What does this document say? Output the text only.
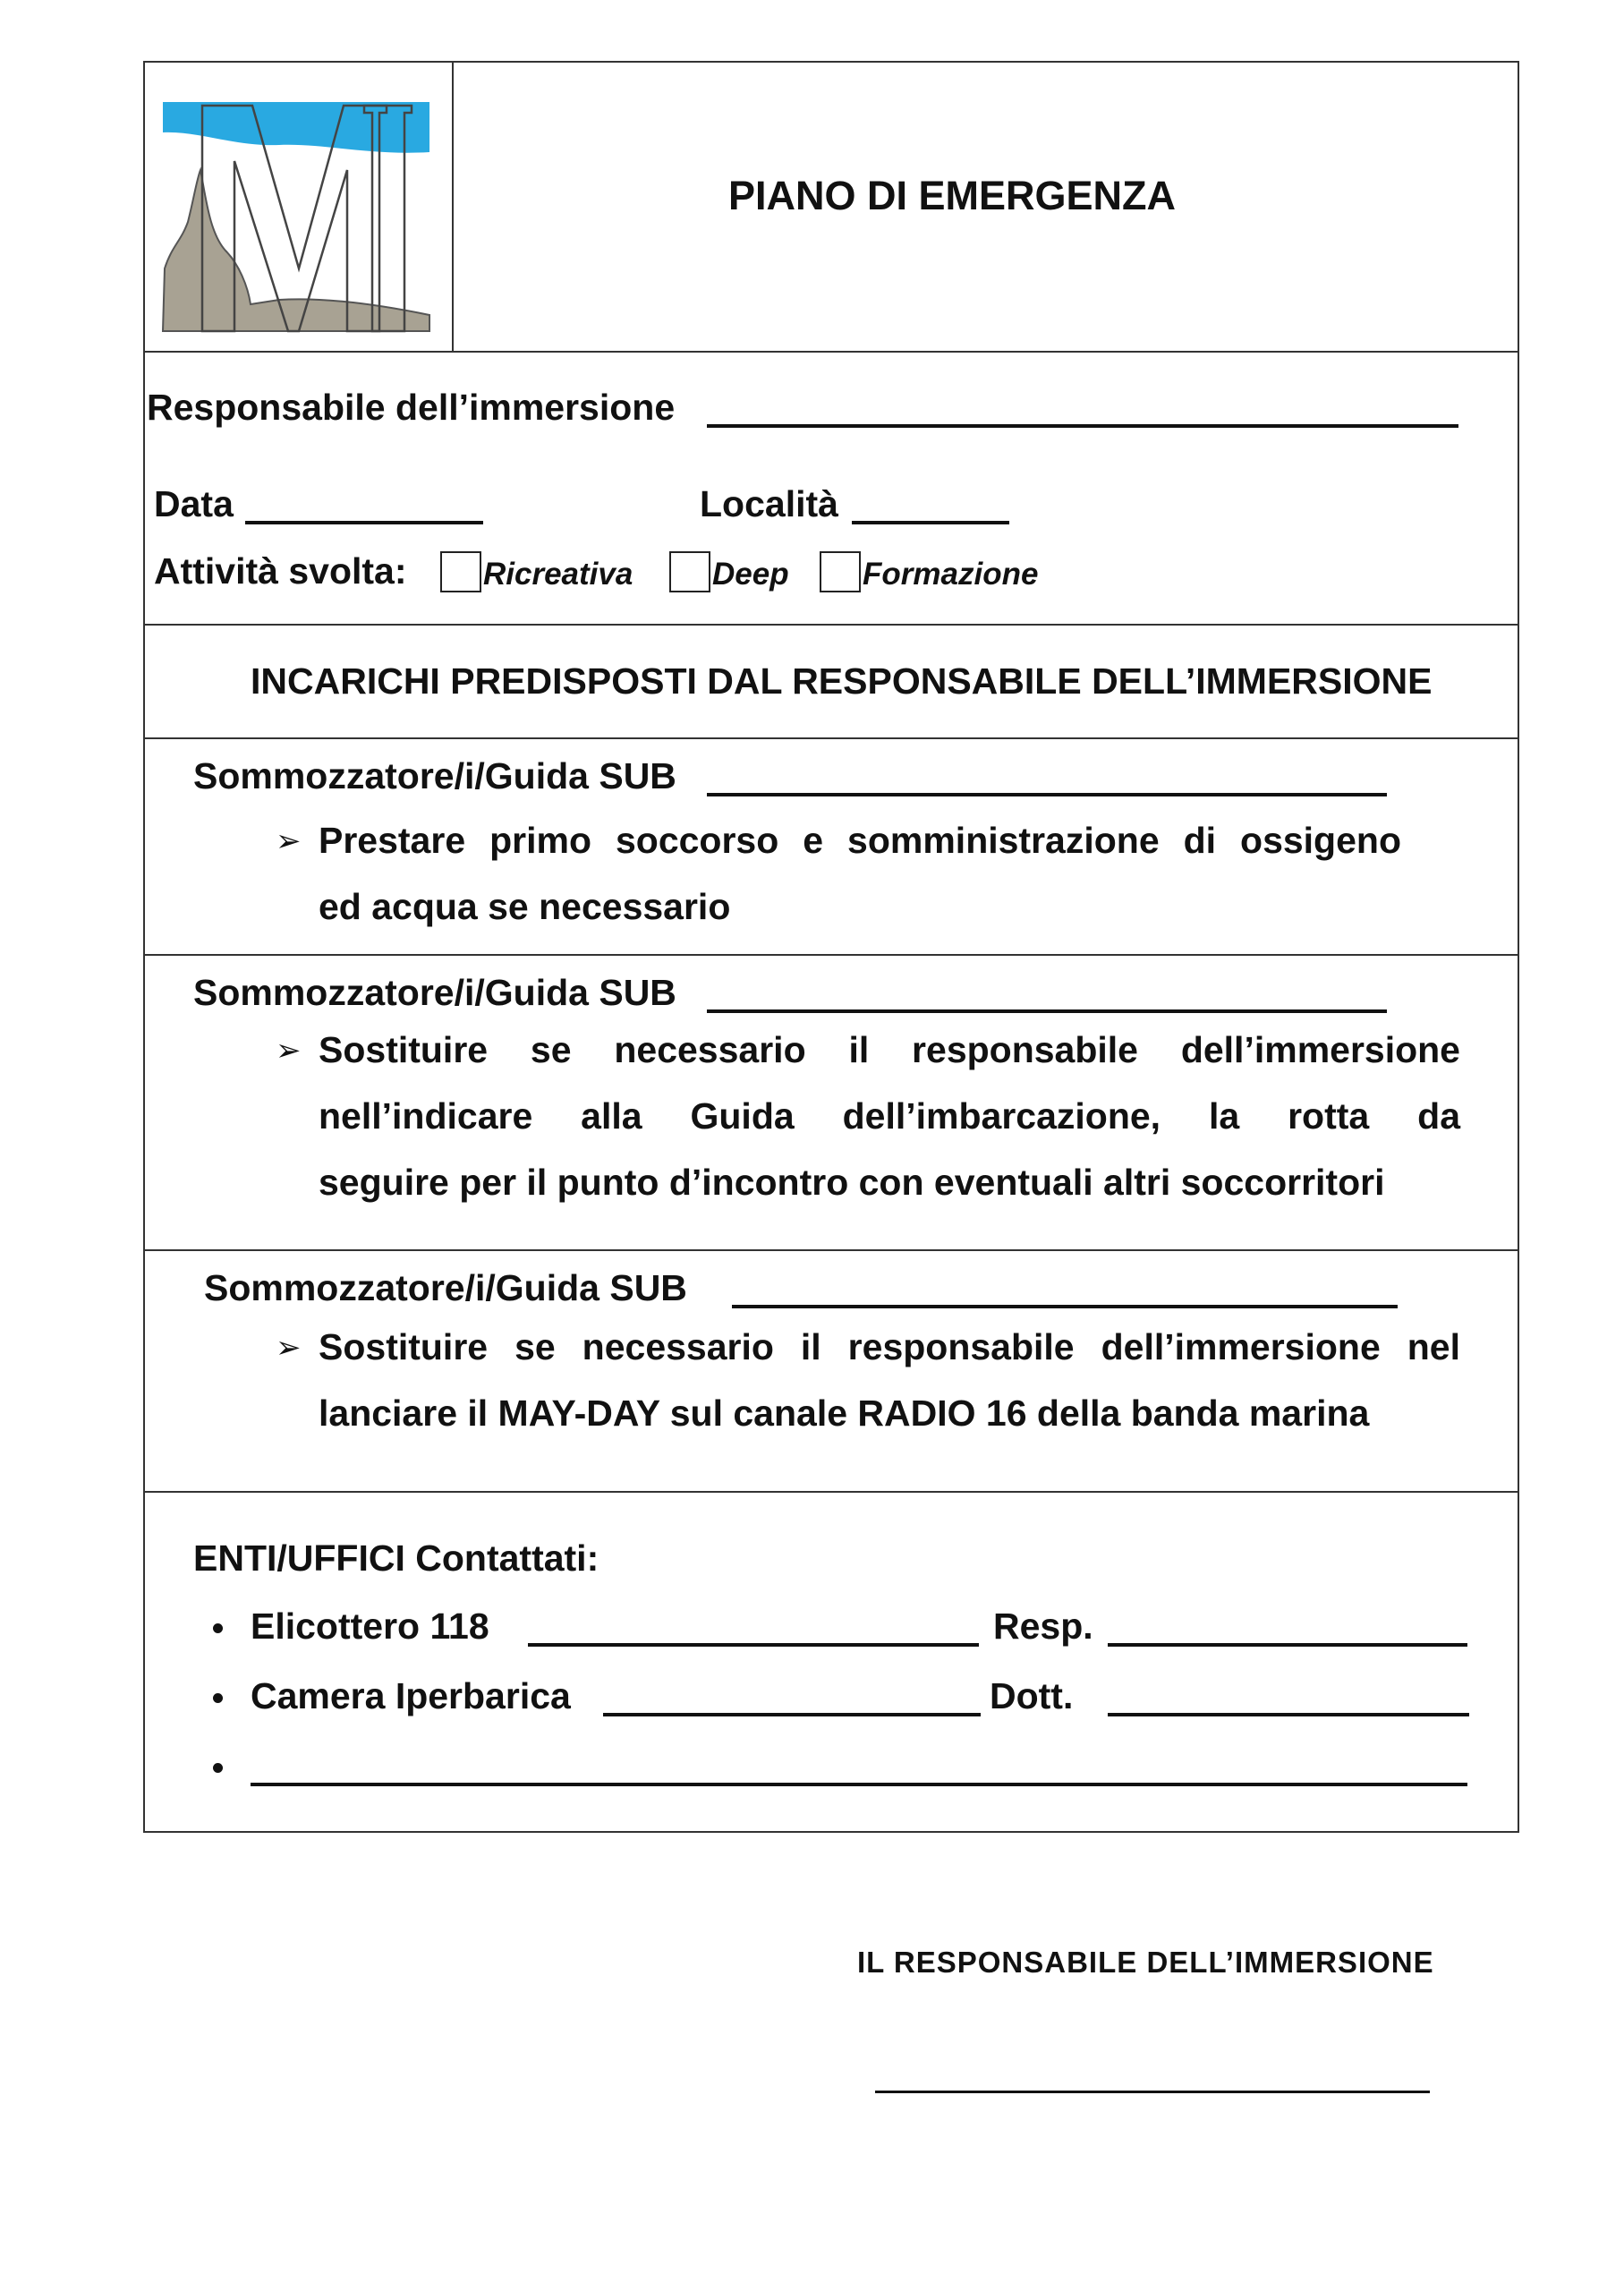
PIANO DI EMERGENZA
Responsabile dell’immersione
Data	Località
Attività svolta: Ricreativa	Deep Formazione
INCARICHI PREDISPOSTI DAL RESPONSABILE DELL’IMMERSIONE
Sommozzatore/i/Guida SUB
➢ Prestare primo soccorso e somministrazione di ossigeno
ed acqua se necessario
Sommozzatore/i/Guida SUB
➢ Sostituire se necessario il responsabile dell’immersione
nell’indicare alla Guida dell’imbarcazione, la rotta da
seguire per il punto d’incontro con eventuali altri soccorritori
Sommozzatore/i/Guida SUB
➢ Sostituire se necessario il responsabile dell’immersione nel
lanciare il MAY-DAY sul canale RADIO 16 della banda marina
ENTI/UFFICI Contattati:
Elicottero 118	Resp.
Camera Iperbarica	Dott.
IL RESPONSABILE DELL’IMMERSIONE
